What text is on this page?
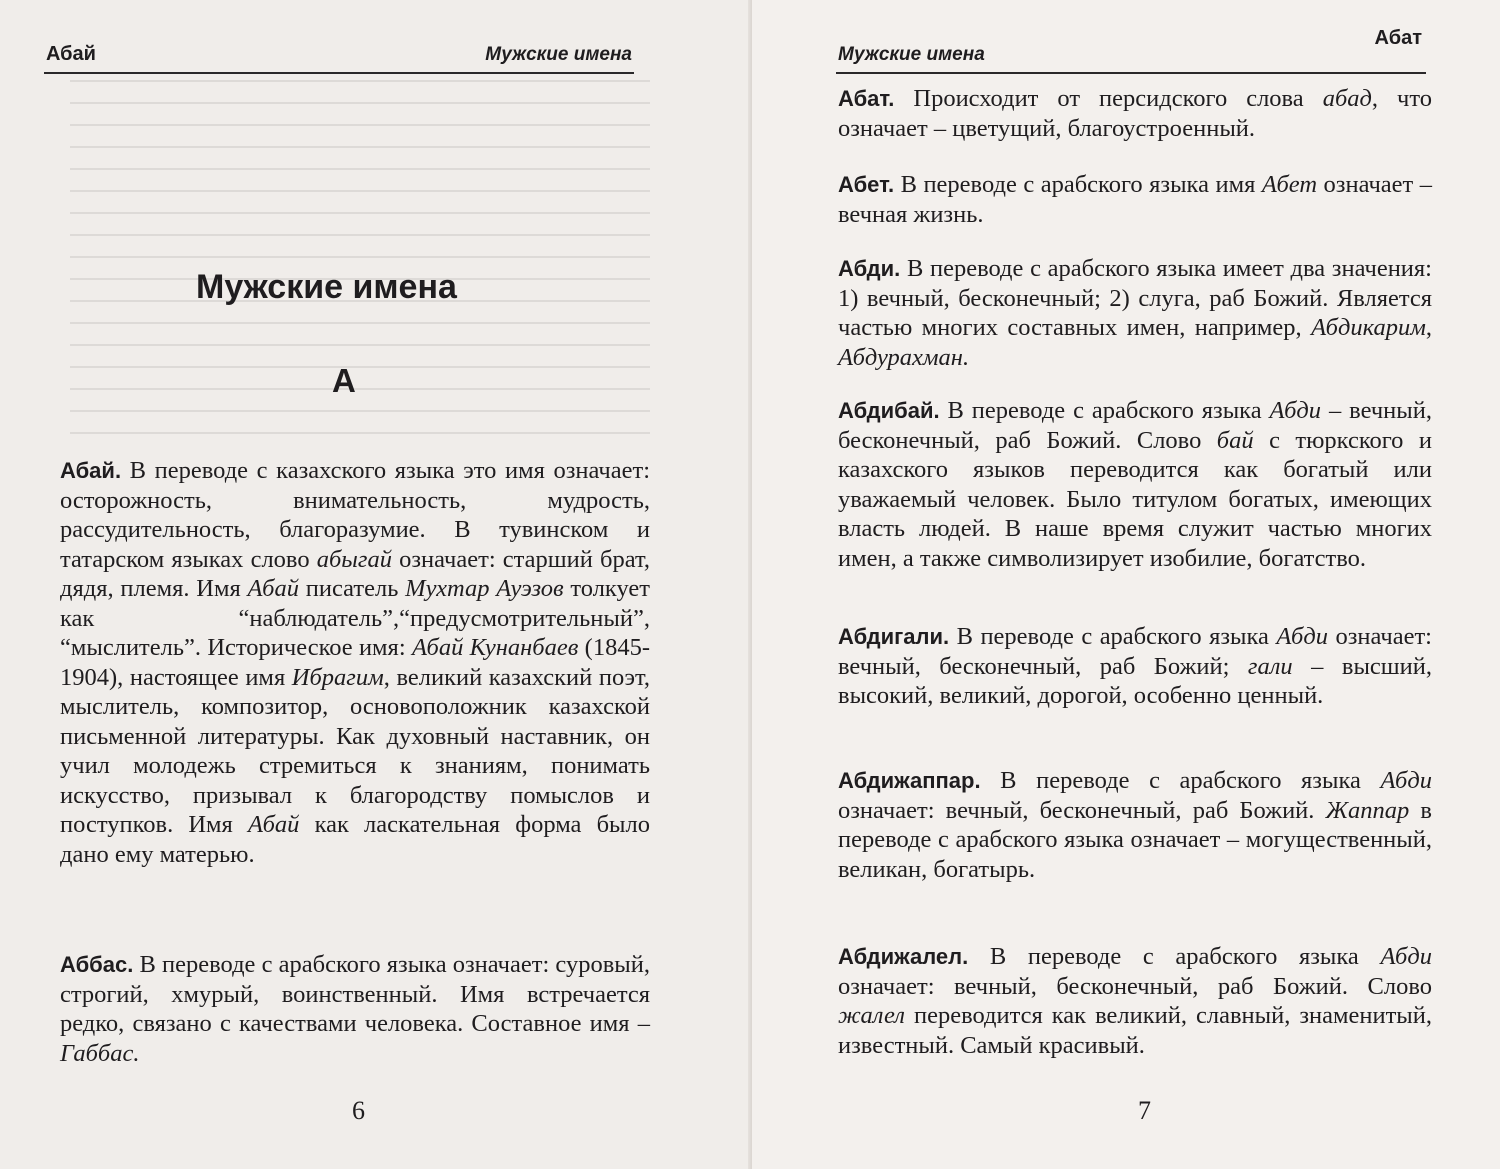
Абай	Мужские имена
Мужские имена
А

Абай. В переводе с казахского языка это имя означает: осторожность, внимательность, мудрость, рассудительность, благоразумие. В тувинском и татарском языках слово абыгай означает: старший брат, дядя, племя. Имя Абай писатель Мухтар Ауэзов толкует как “наблюдатель”,“предусмотрительный”, “мыслитель”. Историческое имя: Абай Кунанбаев (1845-1904), настоящее имя Ибрагим, великий казахский поэт, мыслитель, композитор, основоположник казахской письменной литературы. Как духовный наставник, он учил молодежь стремиться к знаниям, понимать искусство, призывал к благородству помыслов и поступков. Имя Абай как ласкательная форма было дано ему матерью.

Аббас. В переводе с арабского языка означает: суровый, строгий, хмурый, воинственный. Имя встречается редко, связано с качествами человека. Составное имя – Габбас.

6
Мужские имена
Абат

Абат. Происходит от персидского слова абад, что означает – цветущий, благоустроенный.

Абет. В переводе с арабского языка имя Абет означает – вечная жизнь.

Абди. В переводе с арабского языка имеет два значения: 1) вечный, бесконечный; 2) слуга, раб Божий. Является частью многих составных имен, например, Абдикарим, Абдурахман.

Абдибай. В переводе с арабского языка Абди – вечный, бесконечный, раб Божий. Слово бай с тюркского и казахского языков переводится как богатый или уважаемый человек. Было титулом богатых, имеющих власть людей. В наше время служит частью многих имен, а также символизирует изобилие, богатство.

Абдигали. В переводе с арабского языка Абди означает: вечный, бесконечный, раб Божий; гали – высший, высокий, великий, дорогой, особенно ценный.

Абдижаппар. В переводе с арабского языка Абди означает: вечный, бесконечный, раб Божий. Жаппар в переводе с арабского языка означает – могущественный, великан, богатырь.

Абдижалел. В переводе с арабского языка Абди означает: вечный, бесконечный, раб Божий. Слово жалел переводится как великий, славный, знаменитый, известный. Самый красивый.

7
